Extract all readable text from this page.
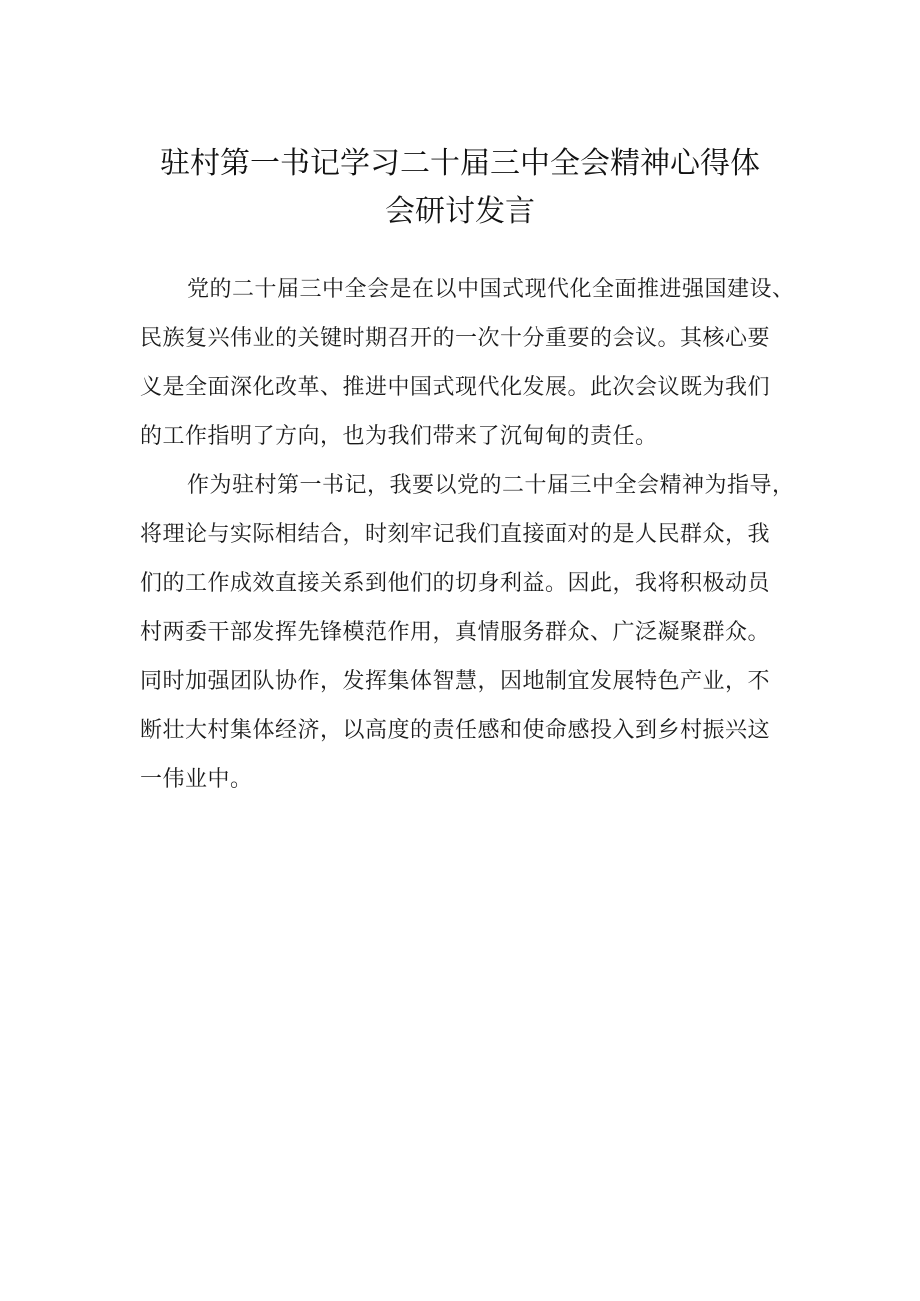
驻村第一书记学习二十届三中全会精神心得体
会研讨发言
党的二十届三中全会是在以中国式现代化全面推进强国建设、
民族复兴伟业的关键时期召开的一次十分重要的会议。其核心要
义是全面深化改革、推进中国式现代化发展。此次会议既为我们
的工作指明了方向，也为我们带来了沉甸甸的责任。
作为驻村第一书记，我要以党的二十届三中全会精神为指导，
将理论与实际相结合，时刻牢记我们直接面对的是人民群众，我
们的工作成效直接关系到他们的切身利益。因此，我将积极动员
村两委干部发挥先锋模范作用，真情服务群众、广泛凝聚群众。
同时加强团队协作，发挥集体智慧，因地制宜发展特色产业，不
断壮大村集体经济，以高度的责任感和使命感投入到乡村振兴这
一伟业中。
